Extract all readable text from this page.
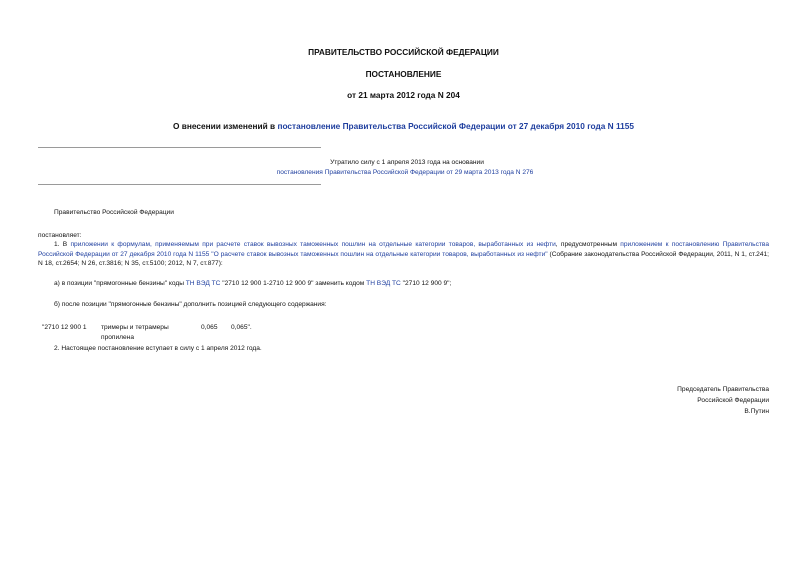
ПРАВИТЕЛЬСТВО РОССИЙСКОЙ ФЕДЕРАЦИИ
ПОСТАНОВЛЕНИЕ
от 21 марта 2012 года N 204
О внесении изменений в постановление Правительства Российской Федерации от 27 декабря 2010 года N 1155
Утратило силу с 1 апреля 2013 года на основании
постановления Правительства Российской Федерации от 29 марта 2013 года N 276
Правительство Российской Федерации
постановляет:
1. В приложении к формулам, применяемым при расчете ставок вывозных таможенных пошлин на отдельные категории товаров, выработанных из нефти, предусмотренным приложением к постановлению Правительства Российской Федерации от 27 декабря 2010 года N 1155 "О расчете ставок вывозных таможенных пошлин на отдельные категории товаров, выработанных из нефти" (Собрание законодательства Российской Федерации, 2011, N 1, ст.241; N 18, ст.2654; N 26, ст.3816; N 35, ст.5100; 2012, N 7, ст.877):
а) в позиции "прямогонные бензины" коды ТН ВЭД ТС "2710 12 900 1-2710 12 900 9" заменить кодом ТН ВЭД ТС "2710 12 900 9";
б) после позиции "прямогонные бензины" дополнить позицией следующего содержания:
"2710 12 900 1 тримеры и тетрамеры
пропилена
0,065 0,065".
2. Настоящее постановление вступает в силу с 1 апреля 2012 года.
Председатель Правительства
Российской Федерации
В.Путин
